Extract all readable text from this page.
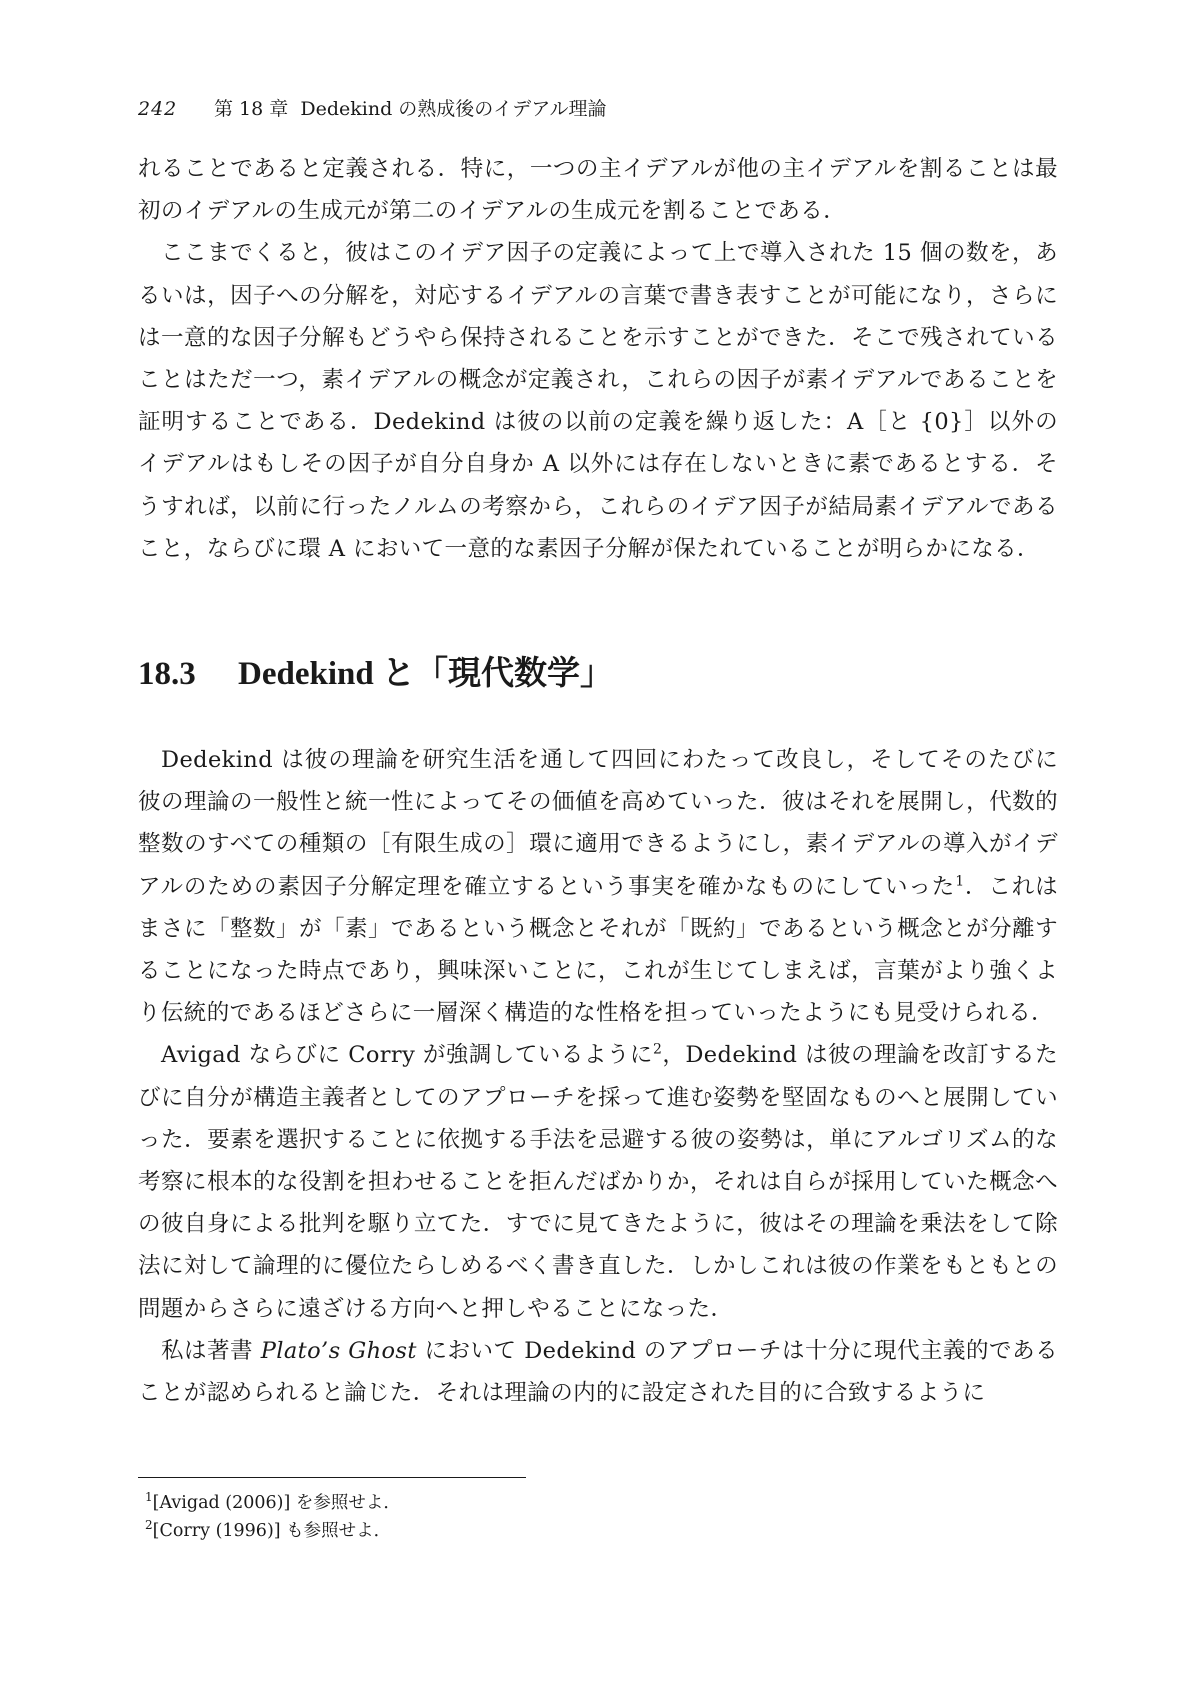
242 第 18 章 Dedekind の熟成後のイデアル理論

れることであると定義される．特に，一つの主イデアルが他の主イデアルを割ることは最初のイデアルの生成元が第二のイデアルの生成元を割ることである．

ここまでくると，彼はこのイデア因子の定義によって上で導入された 15 個の数を，あるいは，因子への分解を，対応するイデアルの言葉で書き表すことが可能になり，さらには一意的な因子分解もどうやら保持されることを示すことができた．そこで残されていることはただ一つ，素イデアルの概念が定義され，これらの因子が素イデアルであることを証明することである．Dedekind は彼の以前の定義を繰り返した：A［と {0}］以外のイデアルはもしその因子が自分自身か A 以外には存在しないときに素であるとする．そうすれば，以前に行ったノルムの考察から，これらのイデア因子が結局素イデアルであること，ならびに環 A において一意的な素因子分解が保たれていることが明らかになる．

18.3 Dedekind と「現代数学」

Dedekind は彼の理論を研究生活を通して四回にわたって改良し，そしてそのたびに彼の理論の一般性と統一性によってその価値を高めていった．彼はそれを展開し，代数的整数のすべての種類の［有限生成の］環に適用できるようにし，素イデアルの導入がイデアルのための素因子分解定理を確立するという事実を確かなものにしていった$^1$．これはまさに「整数」が「素」であるという概念とそれが「既約」であるという概念とが分離することになった時点であり，興味深いことに，これが生じてしまえば，言葉がより強くより伝統的であるほどさらに一層深く構造的な性格を担っていったようにも見受けられる．

Avigad ならびに Corry が強調しているように$^2$，Dedekind は彼の理論を改訂するたびに自分が構造主義者としてのアプローチを採って進む姿勢を堅固なものへと展開していった．要素を選択することに依拠する手法を忌避する彼の姿勢は，単にアルゴリズム的な考察に根本的な役割を担わせることを拒んだばかりか，それは自らが採用していた概念への彼自身による批判を駆り立てた．すでに見てきたように，彼はその理論を乗法をして除法に対して論理的に優位たらしめるべく書き直した．しかしこれは彼の作業をもともとの問題からさらに遠ざける方向へと押しやることになった．

私は著書 Plato’s Ghost において Dedekind のアプローチは十分に現代主義的であることが認められると論じた．それは理論の内的に設定された目的に合致するように

$^1$[Avigad (2006)] を参照せよ．
$^2$[Corry (1996)] も参照せよ．
